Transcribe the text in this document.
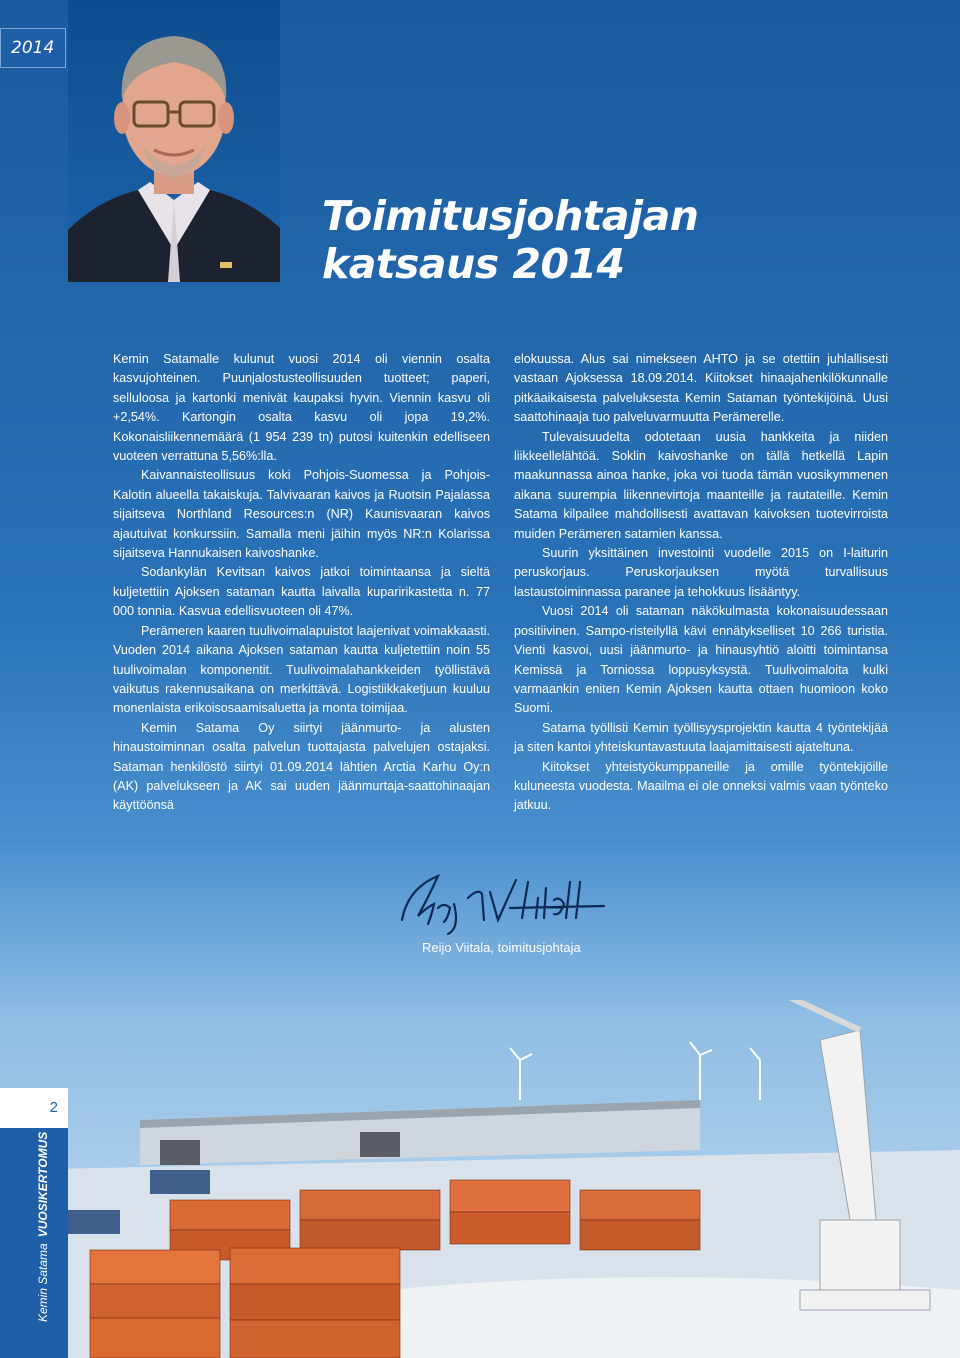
2014
Toimitusjohtajan
katsaus 2014

Kemin Satamalle kulunut vuosi 2014 oli viennin osalta kasvujohteinen. Puunjalostusteollisuuden tuotteet; paperi, selluloosa ja kartonki menivät kaupaksi hyvin. Viennin kasvu oli +2,54%. Kartongin osalta kasvu oli jopa 19,2%. Kokonaisliikennemäärä (1 954 239 tn) putosi kuitenkin edelliseen vuoteen verrattuna 5,56%:lla.

Kaivannaisteollisuus koki Pohjois-Suomessa ja Pohjois-Kalotin alueella takaiskuja. Talvivaaran kaivos ja Ruotsin Pajalassa sijaitseva Northland Resources:n (NR) Kaunisvaaran kaivos ajautuivat konkurssiin. Samalla meni jäihin myös NR:n Kolarissa sijaitseva Hannukaisen kaivoshanke.

Sodankylän Kevitsan kaivos jatkoi toimintaansa ja sieltä kuljetettiin Ajoksen sataman kautta laivalla kuparirikastetta n. 77 000 tonnia. Kasvua edellisvuoteen oli 47%.

Perämeren kaaren tuulivoimalapuistot laajenivat voimakkaasti. Vuoden 2014 aikana Ajoksen sataman kautta kuljetettiin noin 55 tuulivoimalan komponentit. Tuulivoimalahankkeiden työllistävä vaikutus rakennusaikana on merkittävä. Logistiikkaketjuun kuuluu monenlaista erikoisosaamisaluetta ja monta toimijaa.

Kemin Satama Oy siirtyi jäänmurto- ja alusten hinaustoiminnan osalta palvelun tuottajasta palvelujen ostajaksi. Sataman henkilöstö siirtyi 01.09.2014 lähtien Arctia Karhu Oy:n (AK) palvelukseen ja AK sai uuden jäänmurtaja-saattohinaajan käyttöönsä

elokuussa. Alus sai nimekseen AHTO ja se otettiin juhlallisesti vastaan Ajoksessa 18.09.2014. Kiitokset hinaajahenkilökunnalle pitkäaikaisesta palveluksesta Kemin Sataman työntekijöinä. Uusi saattohinaaja tuo palveluvarmuutta Perämerelle.

Tulevaisuudelta odotetaan uusia hankkeita ja niiden liikkeellelähtöä. Soklin kaivoshanke on tällä hetkellä Lapin maakunnassa ainoa hanke, joka voi tuoda tämän vuosikymmenen aikana suurempia liikennevirtoja maanteille ja rautateille. Kemin Satama kilpailee mahdollisesti avattavan kaivoksen tuotevirroista muiden Perämeren satamien kanssa.

Suurin yksittäinen investointi vuodelle 2015 on I-laiturin peruskorjaus. Peruskorjauksen myötä turvallisuus lastaustoiminnassa paranee ja tehokkuus lisääntyy.

Vuosi 2014 oli sataman näkökulmasta kokonaisuudessaan positiivinen. Sampo-risteilyllä kävi ennätykselliset 10 266 turistia. Vienti kasvoi, uusi jäänmurto- ja hinausyhtiö aloitti toimintansa Kemissä ja Torniossa loppusyksystä. Tuulivoimaloita kulki varmaankin eniten Kemin Ajoksen kautta ottaen huomioon koko Suomi.

Satama työllisti Kemin työllisyysprojektin kautta 4 työntekijää ja siten kantoi yhteiskuntavastuuta laajamittaisesti ajateltuna.

Kiitokset yhteistyökumppaneille ja omille työntekijöille kuluneesta vuodesta. Maailma ei ole onneksi valmis vaan työnteko jatkuu.

Reijo Viitala, toimitusjohtaja
2
Kemin SatamaVUOSIKERTOMUS
